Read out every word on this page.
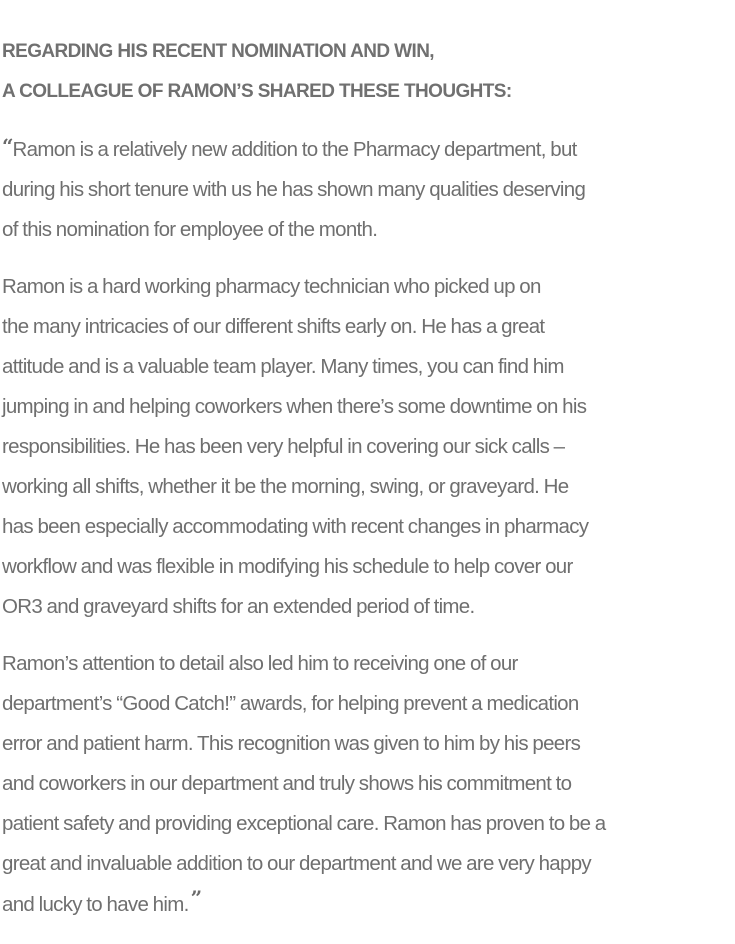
REGARDING HIS RECENT NOMINATION AND WIN,
A COLLEAGUE OF RAMON’S SHARED THESE THOUGHTS:

“Ramon is a relatively new addition to the Pharmacy department, but
during his short tenure with us he has shown many qualities deserving
of this nomination for employee of the month.

Ramon is a hard working pharmacy technician who picked up on
the many intricacies of our different shifts early on. He has a great
attitude and is a valuable team player. Many times, you can find him
jumping in and helping coworkers when there’s some downtime on his
responsibilities. He has been very helpful in covering our sick calls –
working all shifts, whether it be the morning, swing, or graveyard. He
has been especially accommodating with recent changes in pharmacy
workflow and was flexible in modifying his schedule to help cover our
OR3 and graveyard shifts for an extended period of time.

Ramon’s attention to detail also led him to receiving one of our
department’s “Good Catch!” awards, for helping prevent a medication
error and patient harm. This recognition was given to him by his peers
and coworkers in our department and truly shows his commitment to
patient safety and providing exceptional care. Ramon has proven to be a
great and invaluable addition to our department and we are very happy
and lucky to have him. ”
